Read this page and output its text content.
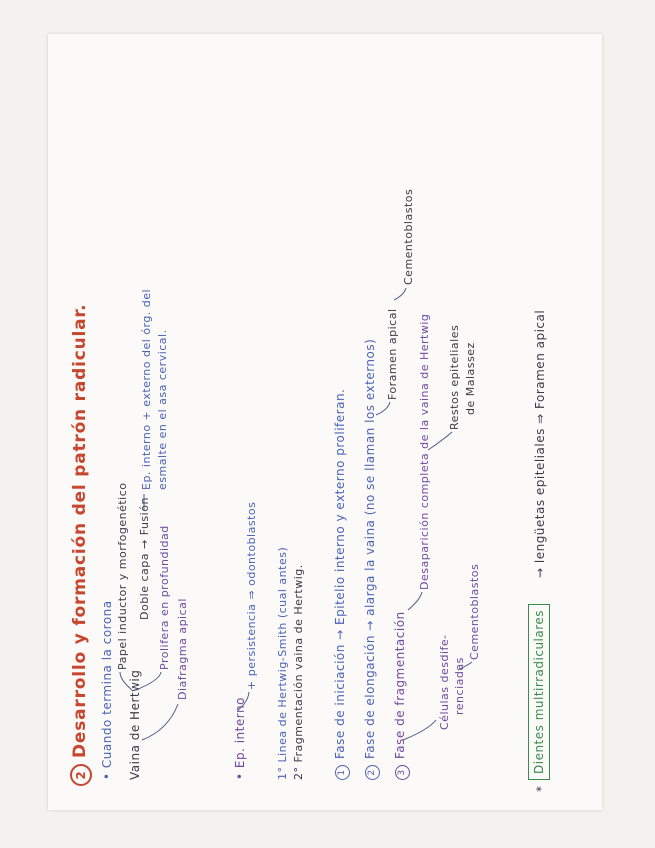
2Desarrollo y formación del patrón radicular. • Cuando termina la corona Vaina de Hertwig
Papel inductor y morfogenético	Prolifera en profundidad Diafragma apical
Doble capa → Fusión
Ep. interno + externo del órg. del esmalte en el asa cervical.
• Ep. interno
+ persistencia ⇒ odontoblastos 1° Linea de Hertwig-Smith (cual antes) 2° Fragmentación vaina de Hertwig.	1Fase de iniciación → Epitelio interno y externo proliferan.
2Fase de elongación → alarga la vaina (no se llaman los externos) Foramen apical
Cementoblastos
3Fase de fragmentación
Desaparición completa de la vaina de Hertwig
Células desdife- renciadas
Cementoblastos
Restos epiteliales de Malassez
*
Dientes multirradiculares
→ lengüetas epiteliales ⇒ Foramen apical
